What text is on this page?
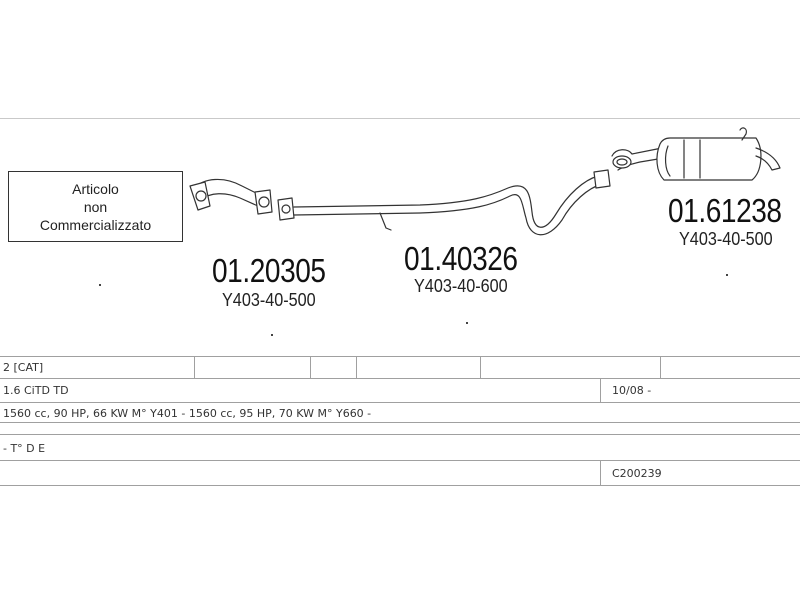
Articolo
non
Commercializzato
01.20305
Y403-40-500
01.40326
Y403-40-600
01.61238
Y403-40-500
2 [CAT]
1.6 CiTD TD	10/08 -
1560 cc, 90 HP, 66 KW M° Y401 - 1560 cc, 95 HP, 70 KW M° Y660 -
- T° D E
C200239
